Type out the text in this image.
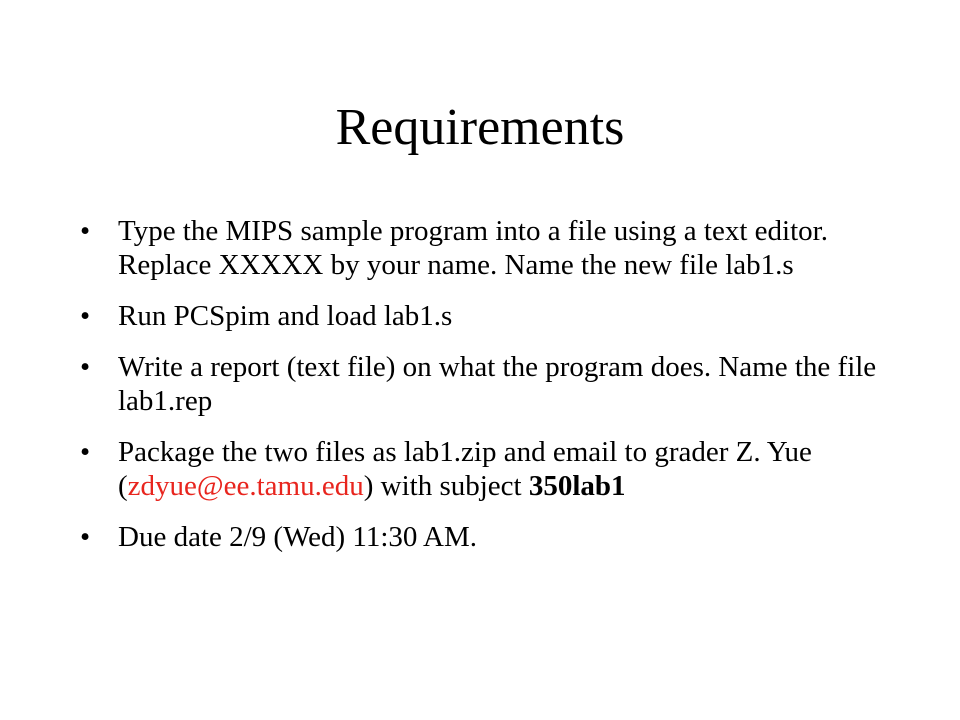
Requirements
• Type the MIPS sample program into a file using a text editor. Replace XXXXX by your name. Name the new file lab1.s
• Run PCSpim and load lab1.s
• Write a report (text file) on what the program does. Name the file lab1.rep
• Package the two files as lab1.zip and email to grader Z. Yue (zdyue@ee.tamu.edu) with subject 350lab1
• Due date 2/9 (Wed) 11:30 AM.
